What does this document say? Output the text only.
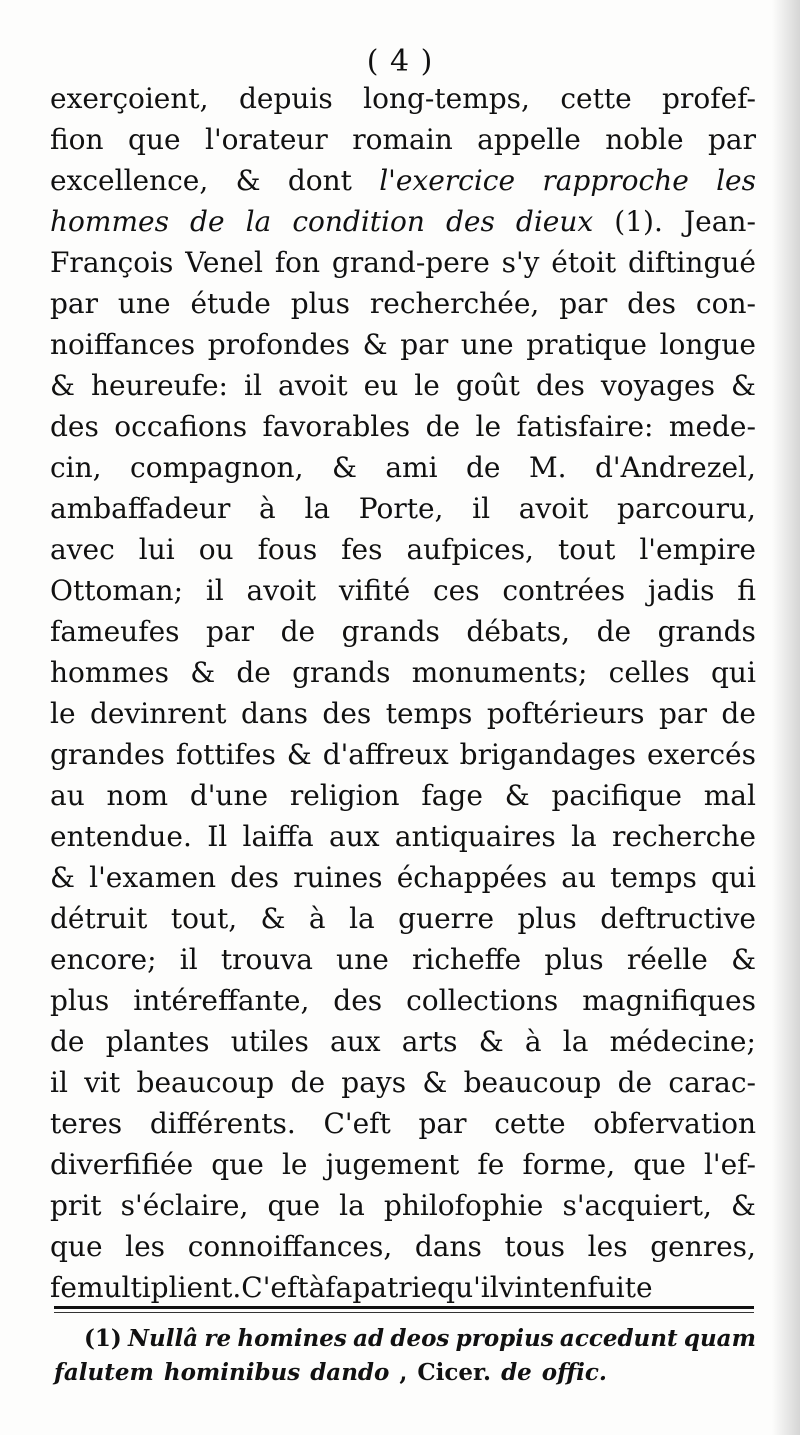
( 4 )
exerçoient, depuis long-temps, cette profef-
fion que l'orateur romain appelle noble par
excellence, & dont l'exercice rapproche les
hommes de la condition des dieux (1). Jean-
François Venel fon grand-pere s'y étoit diftingué
par une étude plus recherchée, par des con-
noiffances profondes & par une pratique longue
& heureufe: il avoit eu le goût des voyages &
des occafions favorables de le fatisfaire: mede-
cin, compagnon, & ami de M. d'Andrezel,
ambaffadeur à la Porte, il avoit parcouru,
avec lui ou fous fes aufpices, tout l'empire
Ottoman; il avoit vifité ces contrées jadis fi
fameufes par de grands débats, de grands
hommes & de grands monuments; celles qui
le devinrent dans des temps poftérieurs par de
grandes fottifes & d'affreux brigandages exercés
au nom d'une religion fage & pacifique mal
entendue. Il laiffa aux antiquaires la recherche
& l'examen des ruines échappées au temps qui
détruit tout, & à la guerre plus deftructive
encore; il trouva une richeffe plus réelle &
plus intéreffante, des collections magnifiques
de plantes utiles aux arts & à la médecine;
il vit beaucoup de pays & beaucoup de carac-
teres différents. C'eft par cette obfervation
diverfifiée que le jugement fe forme, que l'ef-
prit s'éclaire, que la philofophie s'acquiert, &
que les connoiffances, dans tous les genres,
fe multiplient. C'eft à fa patrie qu'il vint enfuite
(1) Nullâ re homines ad deos propius accedunt quam
falutem hominibus dando , Cicer. de offic.
